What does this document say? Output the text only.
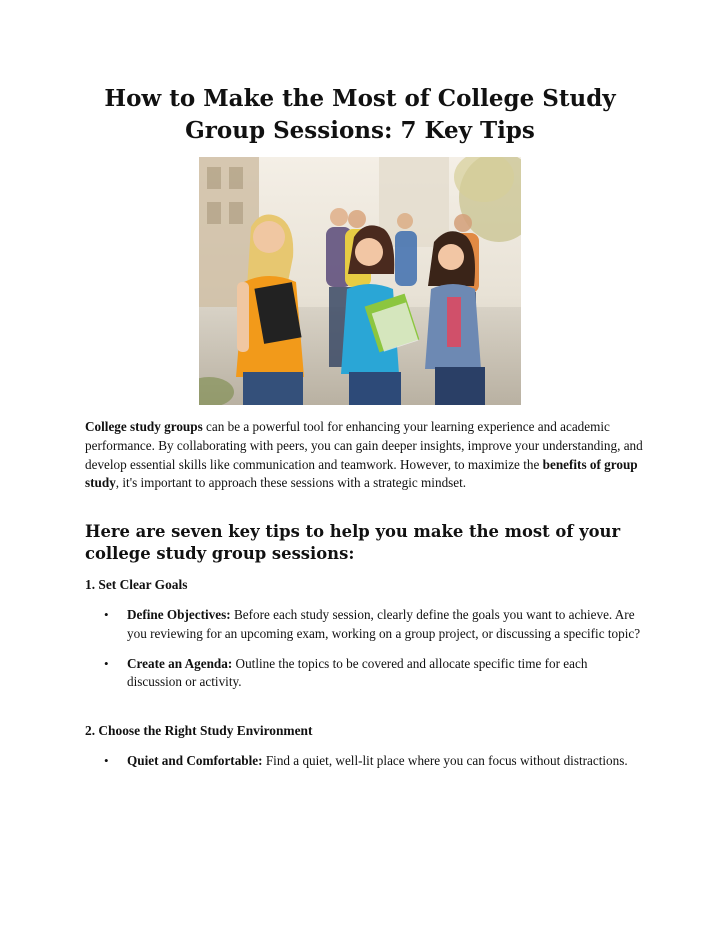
How to Make the Most of College Study
Group Sessions: 7 Key Tips

College study groups can be a powerful tool for enhancing your learning experience and academic performance. By collaborating with peers, you can gain deeper insights, improve your understanding, and develop essential skills like communication and teamwork. However, to maximize the benefits of group study, it's important to approach these sessions with a strategic mindset.

Here are seven key tips to help you make the most of your college study group sessions:
1. Set Clear Goals
• Define Objectives: Before each study session, clearly define the goals you want to achieve. Are you reviewing for an upcoming exam, working on a group project, or discussing a specific topic?
• Create an Agenda: Outline the topics to be covered and allocate specific time for each discussion or activity.
2. Choose the Right Study Environment
• Quiet and Comfortable: Find a quiet, well-lit place where you can focus without distractions.
